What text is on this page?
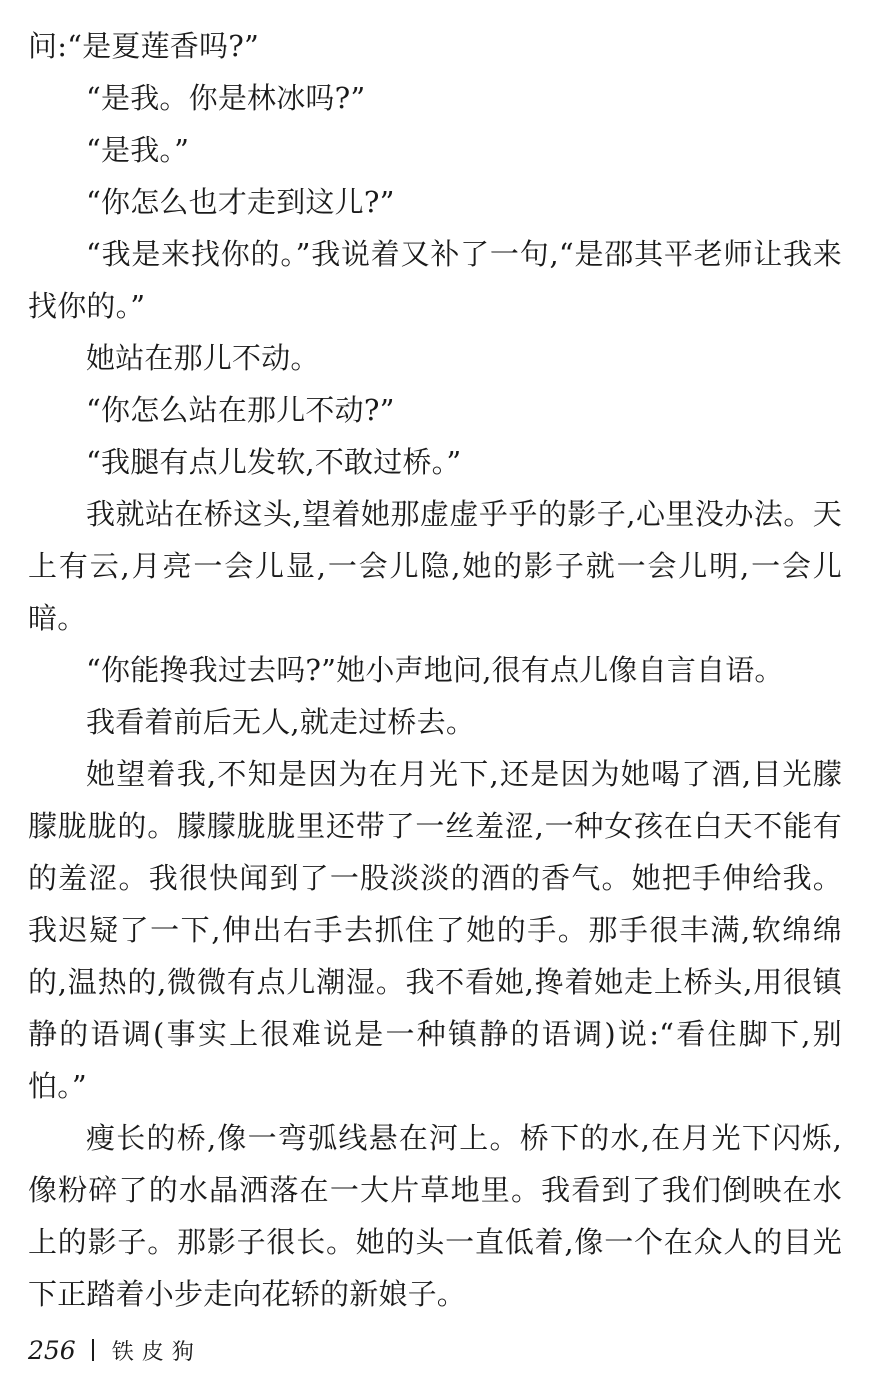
问:“是夏莲香吗?”

“是我。你是林冰吗?”

“是我。”

“你怎么也才走到这儿?”

“我是来找你的。”我说着又补了一句,“是邵其平老师让我来找你的。”

她站在那儿不动。

“你怎么站在那儿不动?”

“我腿有点儿发软,不敢过桥。”

我就站在桥这头,望着她那虚虚乎乎的影子,心里没办法。天上有云,月亮一会儿显,一会儿隐,她的影子就一会儿明,一会儿暗。

“你能搀我过去吗?”她小声地问,很有点儿像自言自语。

我看着前后无人,就走过桥去。

她望着我,不知是因为在月光下,还是因为她喝了酒,目光朦朦胧胧的。朦朦胧胧里还带了一丝羞涩,一种女孩在白天不能有的羞涩。我很快闻到了一股淡淡的酒的香气。她把手伸给我。我迟疑了一下,伸出右手去抓住了她的手。那手很丰满,软绵绵的,温热的,微微有点儿潮湿。我不看她,搀着她走上桥头,用很镇静的语调(事实上很难说是一种镇静的语调)说:“看住脚下,别怕。”

瘦长的桥,像一弯弧线悬在河上。桥下的水,在月光下闪烁,像粉碎了的水晶洒落在一大片草地里。我看到了我们倒映在水上的影子。那影子很长。她的头一直低着,像一个在众人的目光下正踏着小步走向花轿的新娘子。

256 铁皮狗
